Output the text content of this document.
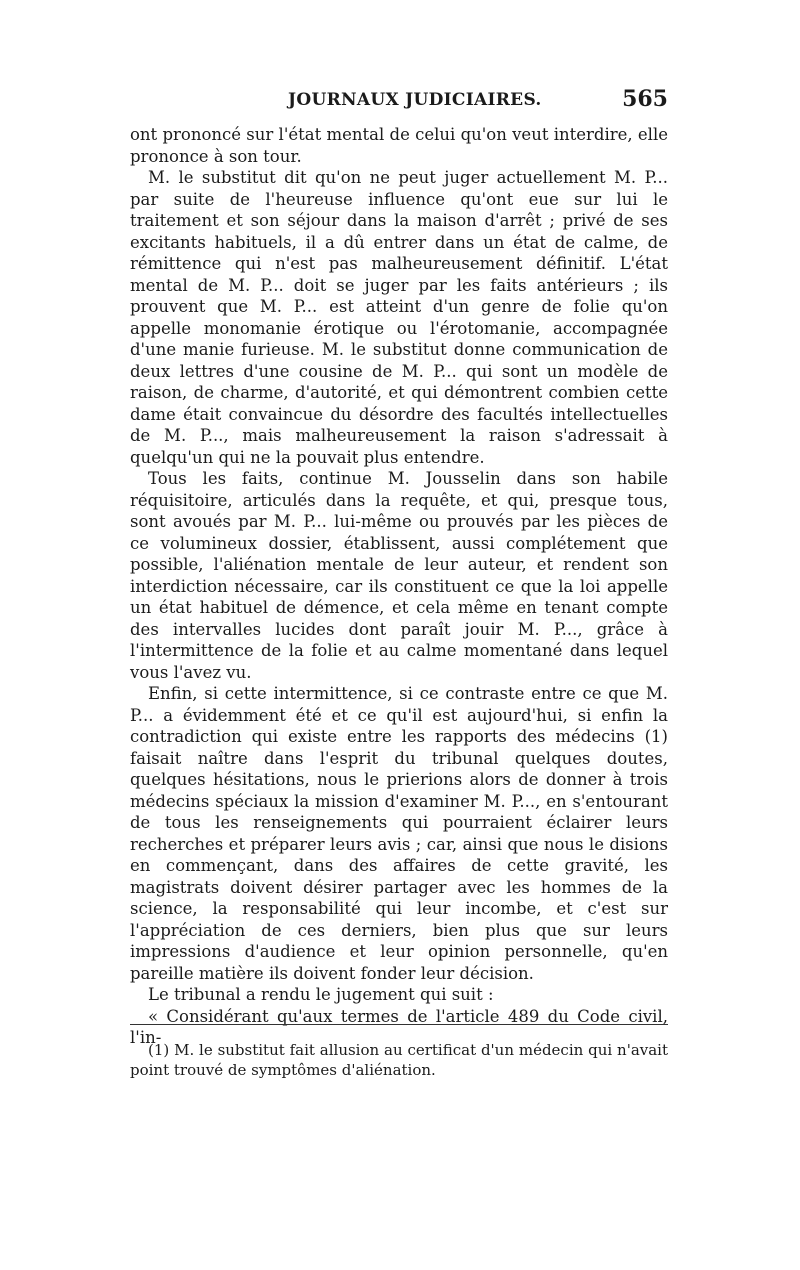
JOURNAUX JUDICIAIRES.	565

ont prononcé sur l'état mental de celui qu'on veut interdire, elle prononce à son tour.

M. le substitut dit qu'on ne peut juger actuellement M. P... par suite de l'heureuse influence qu'ont eue sur lui le traitement et son séjour dans la maison d'arrêt ; privé de ses excitants habituels, il a dû entrer dans un état de calme, de rémittence qui n'est pas malheureusement définitif. L'état mental de M. P... doit se juger par les faits antérieurs ; ils prouvent que M. P... est atteint d'un genre de folie qu'on appelle monomanie érotique ou l'érotomanie, accompagnée d'une manie furieuse. M. le substitut donne communication de deux lettres d'une cousine de M. P... qui sont un modèle de raison, de charme, d'autorité, et qui démontrent combien cette dame était convaincue du désordre des facultés intellectuelles de M. P..., mais malheureusement la raison s'adressait à quelqu'un qui ne la pouvait plus entendre.

Tous les faits, continue M. Jousselin dans son habile réquisitoire, articulés dans la requête, et qui, presque tous, sont avoués par M. P... lui-même ou prouvés par les pièces de ce volumineux dossier, établissent, aussi complétement que possible, l'aliénation mentale de leur auteur, et rendent son interdiction nécessaire, car ils constituent ce que la loi appelle un état habituel de démence, et cela même en tenant compte des intervalles lucides dont paraît jouir M. P..., grâce à l'intermittence de la folie et au calme momentané dans lequel vous l'avez vu.

Enfin, si cette intermittence, si ce contraste entre ce que M. P... a évidemment été et ce qu'il est aujourd'hui, si enfin la contradiction qui existe entre les rapports des médecins (1) faisait naître dans l'esprit du tribunal quelques doutes, quelques hésitations, nous le prierions alors de donner à trois médecins spéciaux la mission d'examiner M. P..., en s'entourant de tous les renseignements qui pourraient éclairer leurs recherches et préparer leurs avis ; car, ainsi que nous le disions en commençant, dans des affaires de cette gravité, les magistrats doivent désirer partager avec les hommes de la science, la responsabilité qui leur incombe, et c'est sur l'appréciation de ces derniers, bien plus que sur leurs impressions d'audience et leur opinion personnelle, qu'en pareille matière ils doivent fonder leur décision.

Le tribunal a rendu le jugement qui suit :

« Considérant qu'aux termes de l'article 489 du Code civil, l'in-

(1) M. le substitut fait allusion au certificat d'un médecin qui n'avait point trouvé de symptômes d'aliénation.
